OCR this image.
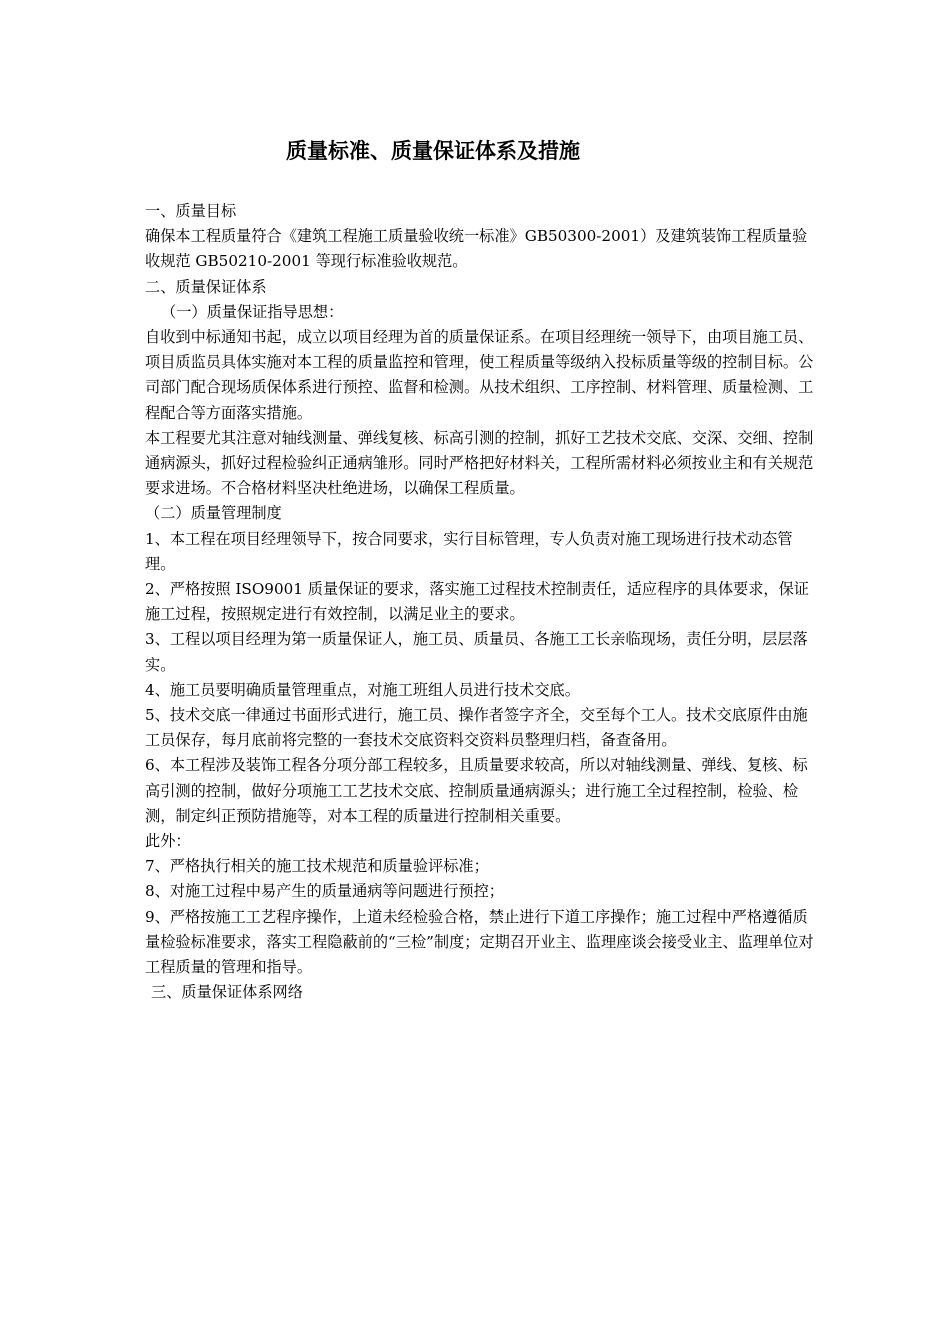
质量标准、质量保证体系及措施

一、质量目标

确保本工程质量符合《建筑工程施工质量验收统一标准》GB50300-2001）及建筑装饰工程质量验收规范 GB50210-2001 等现行标准验收规范。

二、质量保证体系

（一）质量保证指导思想：

自收到中标通知书起，成立以项目经理为首的质量保证系。在项目经理统一领导下，由项目施工员、项目质监员具体实施对本工程的质量监控和管理，使工程质量等级纳入投标质量等级的控制目标。公司部门配合现场质保体系进行预控、监督和检测。从技术组织、工序控制、材料管理、质量检测、工程配合等方面落实措施。

本工程要尤其注意对轴线测量、弹线复核、标高引测的控制，抓好工艺技术交底、交深、交细、控制通病源头，抓好过程检验纠正通病雏形。同时严格把好材料关，工程所需材料必须按业主和有关规范要求进场。不合格材料坚决杜绝进场，以确保工程质量。

（二）质量管理制度

1、本工程在项目经理领导下，按合同要求，实行目标管理，专人负责对施工现场进行技术动态管理。

2、严格按照 ISO9001 质量保证的要求，落实施工过程技术控制责任，适应程序的具体要求，保证施工过程，按照规定进行有效控制，以满足业主的要求。

3、工程以项目经理为第一质量保证人，施工员、质量员、各施工工长亲临现场，责任分明，层层落实。

4、施工员要明确质量管理重点，对施工班组人员进行技术交底。

5、技术交底一律通过书面形式进行，施工员、操作者签字齐全，交至每个工人。技术交底原件由施工员保存，每月底前将完整的一套技术交底资料交资料员整理归档，备查备用。

6、本工程涉及装饰工程各分项分部工程较多，且质量要求较高，所以对轴线测量、弹线、复核、标高引测的控制，做好分项施工工艺技术交底、控制质量通病源头；进行施工全过程控制，检验、检测，制定纠正预防措施等，对本工程的质量进行控制相关重要。

此外：

7、严格执行相关的施工技术规范和质量验评标准；

8、对施工过程中易产生的质量通病等问题进行预控；

9、严格按施工工艺程序操作，上道未经检验合格，禁止进行下道工序操作；施工过程中严格遵循质量检验标准要求，落实工程隐蔽前的“三检”制度；定期召开业主、监理座谈会接受业主、监理单位对工程质量的管理和指导。

三、质量保证体系网络
